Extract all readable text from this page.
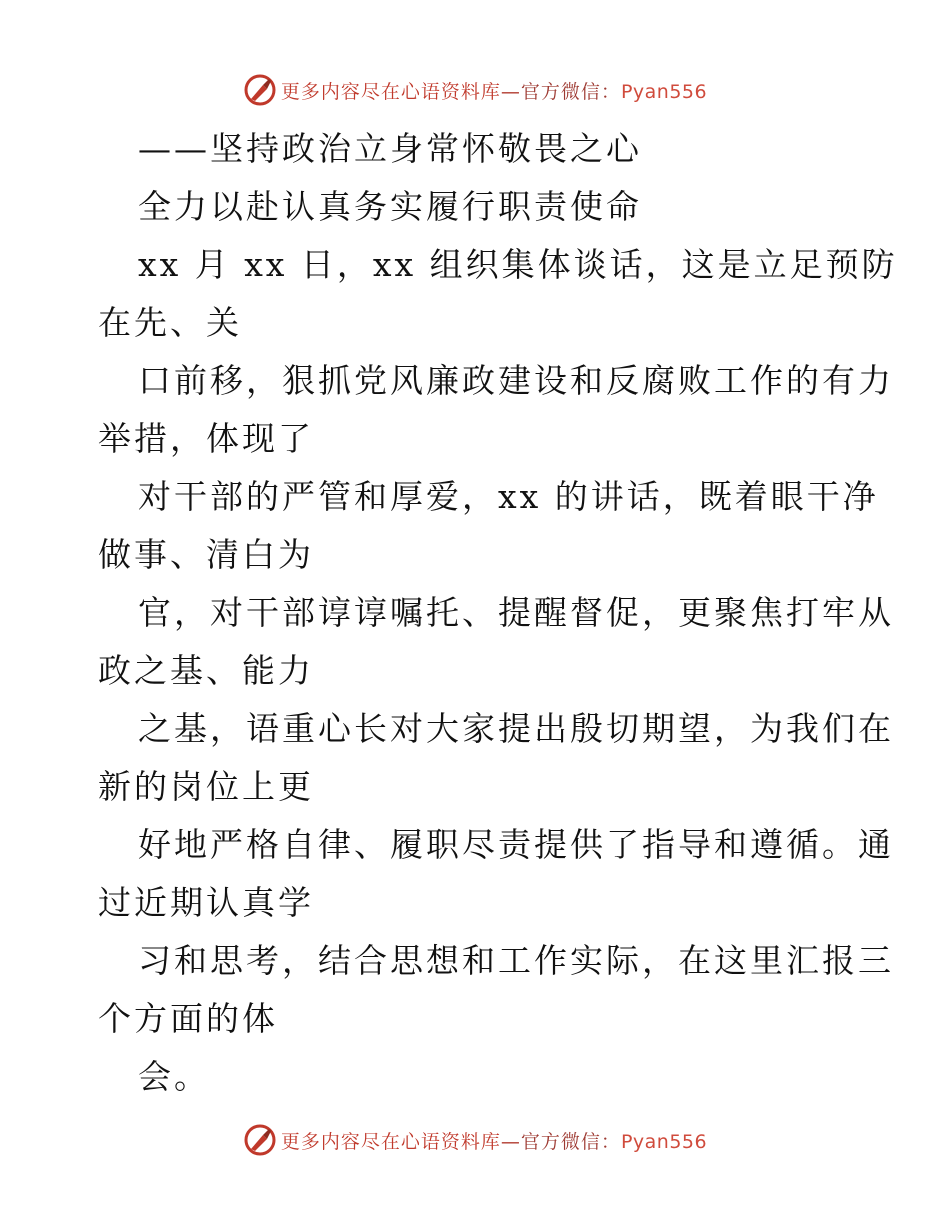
更多内容尽在心语资料库—官方微信：Pyan556
——坚持政治立身常怀敬畏之心
全力以赴认真务实履行职责使命
xx 月 xx 日，xx 组织集体谈话，这是立足预防
在先、关
口前移，狠抓党风廉政建设和反腐败工作的有力
举措，体现了
对干部的严管和厚爱，xx 的讲话，既着眼干净
做事、清白为
官，对干部谆谆嘱托、提醒督促，更聚焦打牢从
政之基、能力
之基，语重心长对大家提出殷切期望，为我们在
新的岗位上更
好地严格自律、履职尽责提供了指导和遵循。通
过近期认真学
习和思考，结合思想和工作实际，在这里汇报三
个方面的体
会。
更多内容尽在心语资料库—官方微信：Pyan556
